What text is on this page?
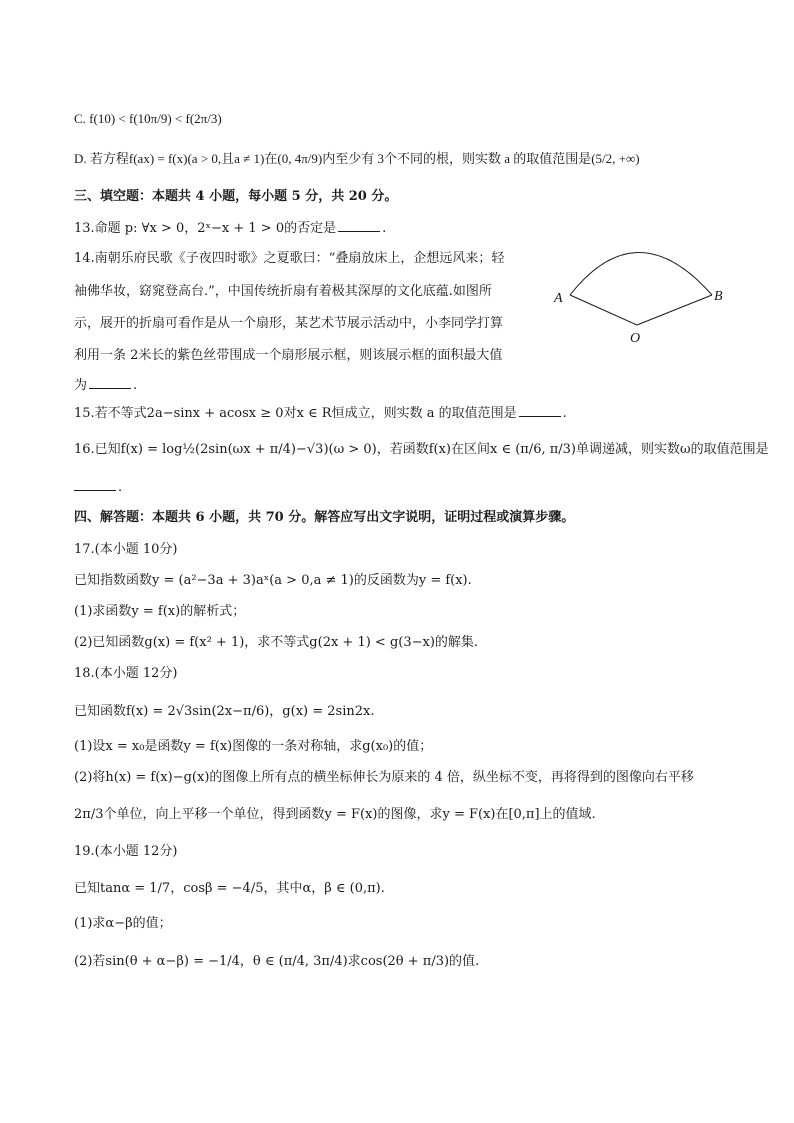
C. f(10) < f(10π/9) < f(2π/3)
D. 若方程f(ax) = f(x)(a > 0,且a ≠ 1)在(0, 4π/9)内至少有 3个不同的根，则实数 a 的取值范围是(5/2, +∞)
三、填空题：本题共 4 小题，每小题 5 分，共 20 分。
13.命题 p: ∀x > 0，2ˣ−x + 1 > 0的否定是	.
14.南朝乐府民歌《子夜四时歌》之夏歌曰：“叠扇放床上，企想远风来；轻
袖佛华妆，窈窕登高台.”，中国传统折扇有着极其深厚的文化底蕴.如图所
示，展开的折扇可看作是从一个扇形，某艺术节展示活动中，小李同学打算
利用一条 2米长的紫色丝带围成一个扇形展示框，则该展示框的面积最大值
为	.
A	B
O
15.若不等式2a−sinx + acosx ≥ 0对x ∈ R恒成立，则实数 a 的取值范围是	.
16.已知f(x) = log½(2sin(ωx + π/4)−√3)(ω > 0)，若函数f(x)在区间x ∈ (π/6, π/3)单调递减，则实数ω的取值范围是
.
四、解答题：本题共 6 小题，共 70 分。解答应写出文字说明，证明过程或演算步骤。
17.(本小题 10分)
已知指数函数y = (a²−3a + 3)aˣ(a > 0,a ≠ 1)的反函数为y = f(x).
(1)求函数y = f(x)的解析式；
(2)已知函数g(x) = f(x² + 1)，求不等式g(2x + 1) < g(3−x)的解集.
18.(本小题 12分)
已知函数f(x) = 2√3sin(2x−π/6)，g(x) = 2sin2x.
(1)设x = x₀是函数y = f(x)图像的一条对称轴，求g(x₀)的值；
(2)将h(x) = f(x)−g(x)的图像上所有点的横坐标伸长为原来的 4 倍，纵坐标不变，再将得到的图像向右平移
2π/3个单位，向上平移一个单位，得到函数y = F(x)的图像，求y = F(x)在[0,π]上的值域.
19.(本小题 12分)
已知tanα = 1/7，cosβ = −4/5，其中α，β ∈ (0,π).
(1)求α−β的值；
(2)若sin(θ + α−β) = −1/4，θ ∈ (π/4, 3π/4)求cos(2θ + π/3)的值.
